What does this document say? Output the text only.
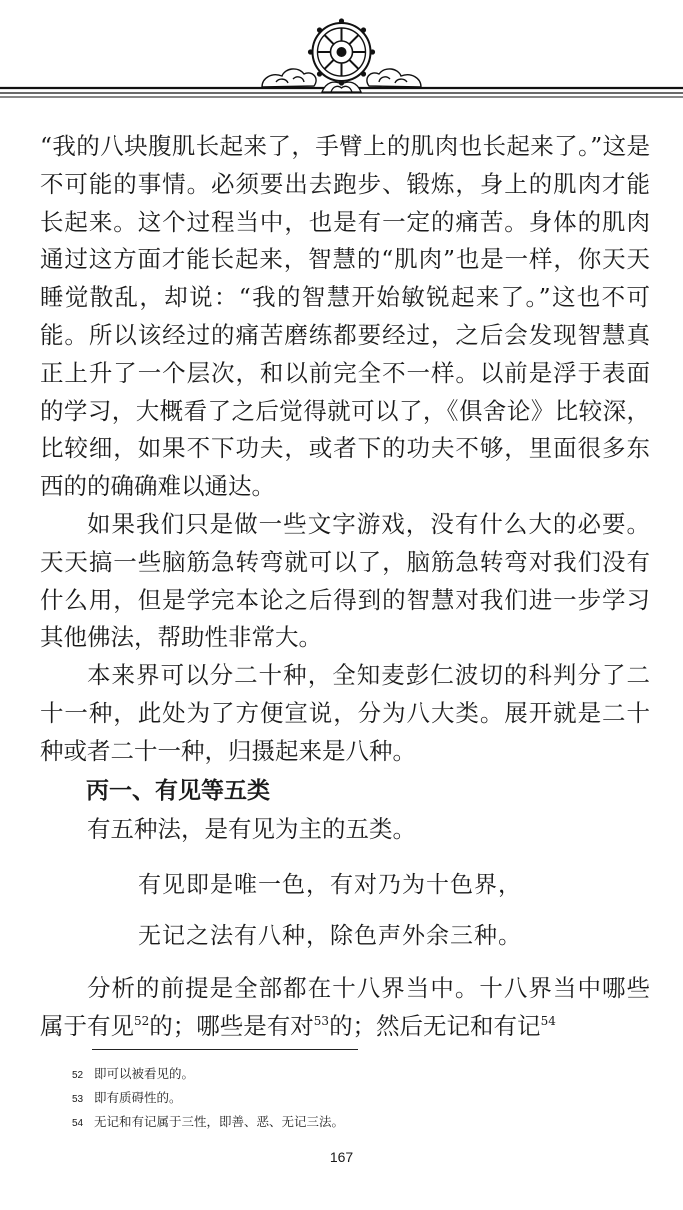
“我的八块腹肌长起来了，手臂上的肌肉也长起来了。”这是不可能的事情。必须要出去跑步、锻炼，身上的肌肉才能长起来。这个过程当中，也是有一定的痛苦。身体的肌肉通过这方面才能长起来，智慧的“肌肉”也是一样，你天天睡觉散乱，却说：“我的智慧开始敏锐起来了。”这也不可能。所以该经过的痛苦磨练都要经过，之后会发现智慧真正上升了一个层次，和以前完全不一样。以前是浮于表面的学习，大概看了之后觉得就可以了，《俱舍论》比较深，比较细，如果不下功夫，或者下的功夫不够，里面很多东西的的确确难以通达。

如果我们只是做一些文字游戏，没有什么大的必要。天天搞一些脑筋急转弯就可以了，脑筋急转弯对我们没有什么用，但是学完本论之后得到的智慧对我们进一步学习其他佛法，帮助性非常大。

本来界可以分二十种，全知麦彭仁波切的科判分了二十一种，此处为了方便宣说，分为八大类。展开就是二十种或者二十一种，归摄起来是八种。

丙一、有见等五类

有五种法，是有见为主的五类。

有见即是唯一色，有对乃为十色界，
无记之法有八种，除色声外余三种。

分析的前提是全部都在十八界当中。十八界当中哪些属于有见$^{52}$的；哪些是有对$^{53}$的；然后无记和有记$^{54}$

52 即可以被看见的。
53 即有质碍性的。
54 无记和有记属于三性，即善、恶、无记三法。
167
